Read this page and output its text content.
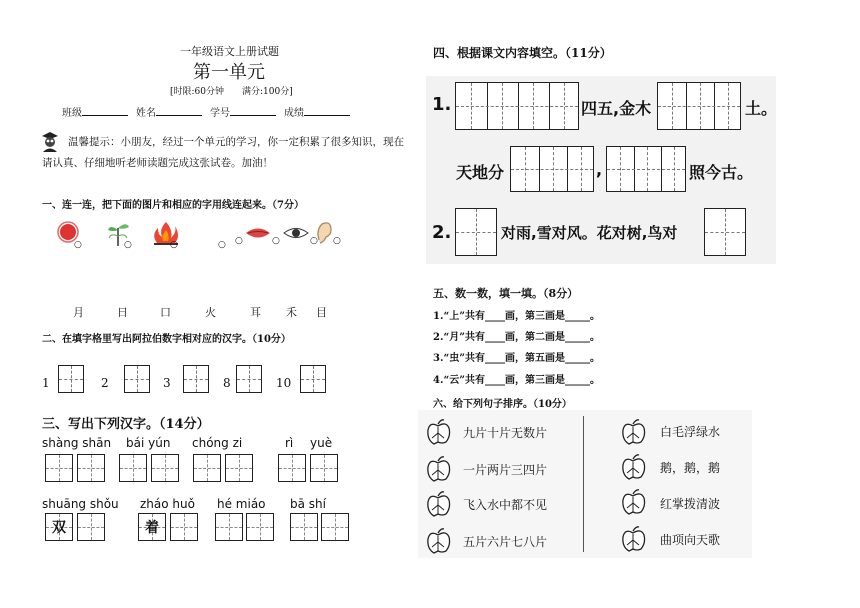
一年级语文上册试题
第一单元
[时限:60分钟　　满分:100分]
班级	姓名	学号	成绩
温馨提示：小朋友，经过一个单元的学习，你一定积累了很多知识，现在
请认真、仔细地听老师读题完成这张试卷。加油！
一、连一连，把下面的图片和相应的字用线连起来。（7分）
○	○	○	○ ○	○	○ ○
月	日	口	火	耳 禾 目
二、在填字格里写出阿拉伯数字相对应的汉字。（10分）
1	2	3	8	10
三、写出下列汉字。（14分）
shàng shān bái yún chóng zi	rì yuè
shuāng shǒu zháo huǒ hé miáo bā shí
双	着
四、根据课文内容填空。（11分）
1.	四五,金木	土。
天地分	,	照今古。
2.	对雨,雪对风。花对树,鸟对
五、数一数，填一填。（8分）
1.“上”共有____画，第三画是_____。
2.“月”共有____画，第二画是_____。
3.“虫”共有____画，第五画是_____。
4.“云”共有____画，第三画是_____。
六、给下列句子排序。（10分）
九片十片无数片
一片两片三四片
飞入水中都不见
五片六片七八片
白毛浮绿水
鹅，鹅，鹅
红掌拨清波
曲项向天歌
